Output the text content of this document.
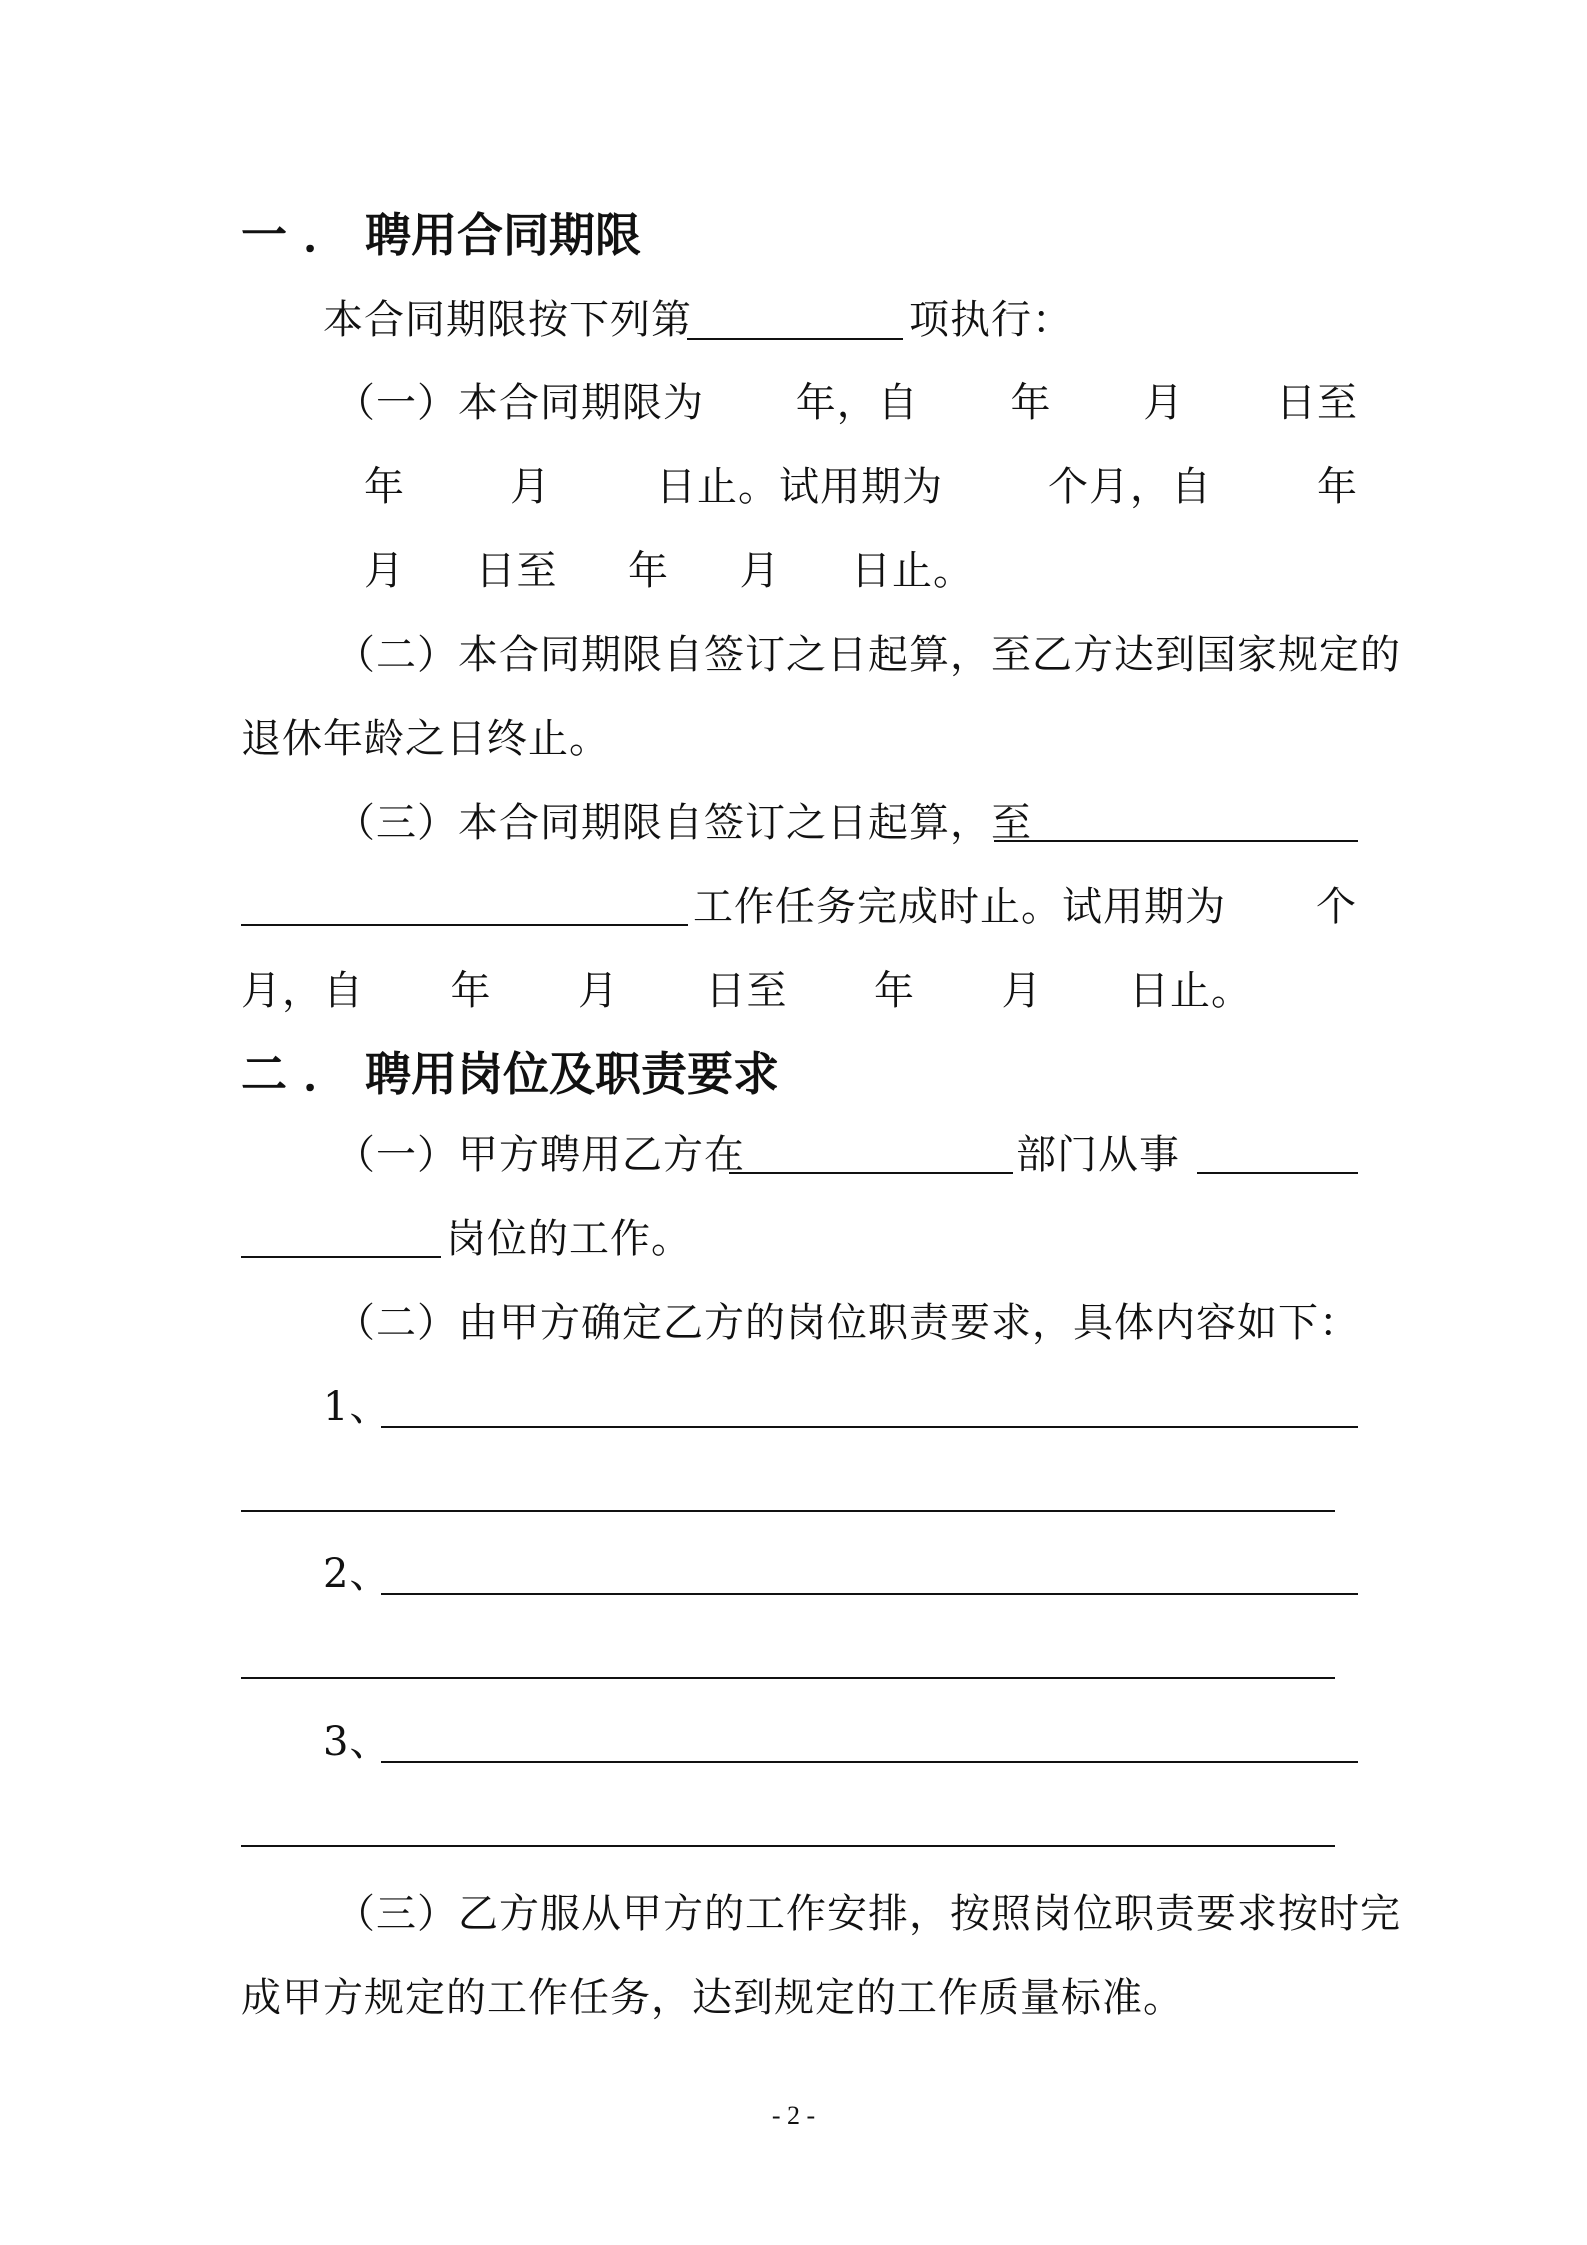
一 ． 聘用合同期限

本合同期限按下列第	项执行：

（一）本合同期限为 年，自 年 月 日至
年	月	日止。试用期为	个月，自	年
月 日至 年 月 日止。

（二）本合同期限自签订之日起算，至乙方达到国家规定的

退休年龄之日终止。

（三）本合同期限自签订之日起算，至

工作任务完成时止。试用期为 个

月，自 年 月 日至 年 月 日止。

二 ． 聘用岗位及职责要求

（一）甲方聘用乙方在	部门从事

岗位的工作。

（二）由甲方确定乙方的岗位职责要求，具体内容如下：

1、

2、

3、

（三）乙方服从甲方的工作安排，按照岗位职责要求按时完

成甲方规定的工作任务，达到规定的工作质量标准。

- 2 -
